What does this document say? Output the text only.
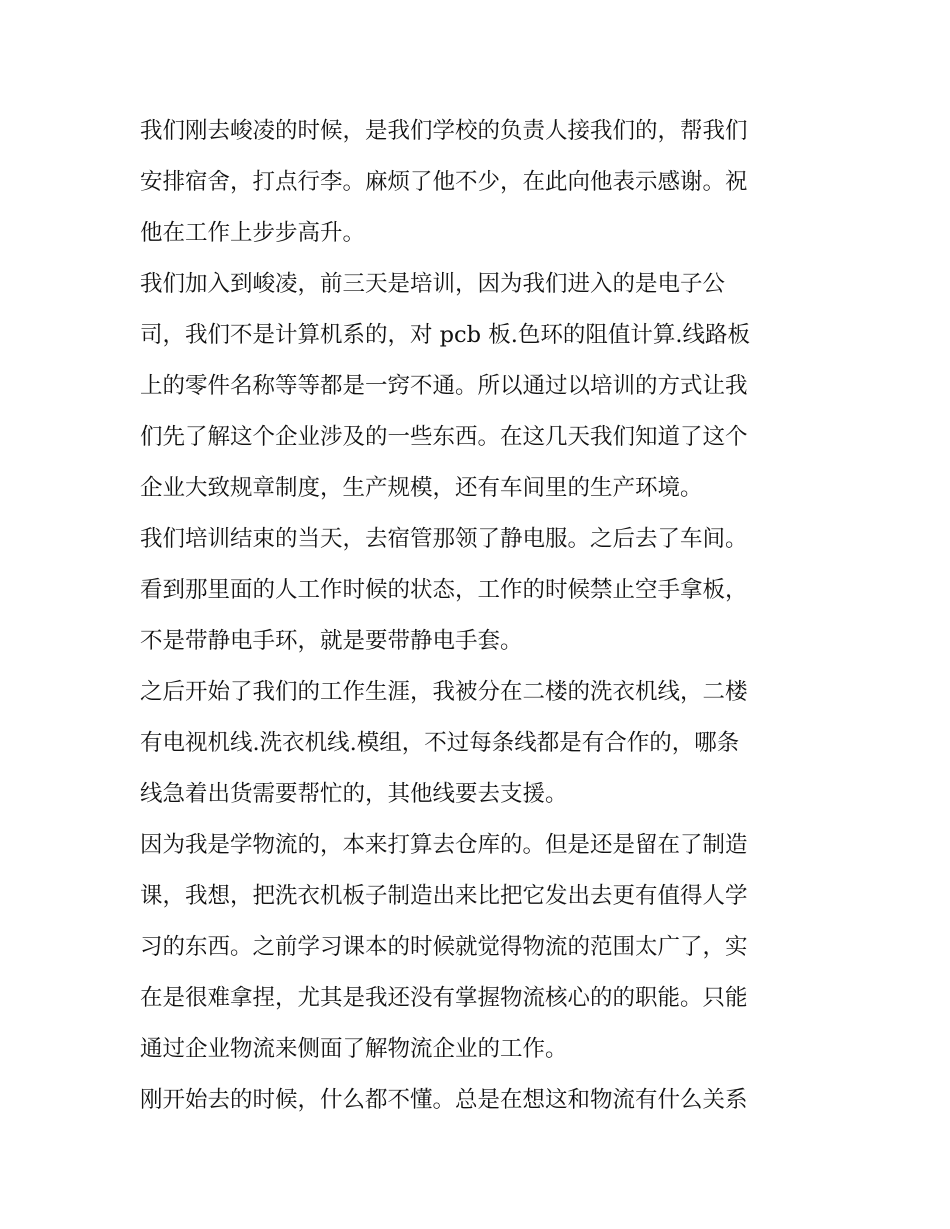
我们刚去峻凌的时候，是我们学校的负责人接我们的，帮我们
安排宿舍，打点行李。麻烦了他不少，在此向他表示感谢。祝
他在工作上步步高升。
我们加入到峻凌，前三天是培训，因为我们进入的是电子公
司，我们不是计算机系的，对 pcb 板.色环的阻值计算.线路板
上的零件名称等等都是一窍不通。所以通过以培训的方式让我
们先了解这个企业涉及的一些东西。在这几天我们知道了这个
企业大致规章制度，生产规模，还有车间里的生产环境。
我们培训结束的当天，去宿管那领了静电服。之后去了车间。
看到那里面的人工作时候的状态，工作的时候禁止空手拿板，
不是带静电手环，就是要带静电手套。
之后开始了我们的工作生涯，我被分在二楼的洗衣机线，二楼
有电视机线.洗衣机线.模组，不过每条线都是有合作的，哪条
线急着出货需要帮忙的，其他线要去支援。
因为我是学物流的，本来打算去仓库的。但是还是留在了制造
课，我想，把洗衣机板子制造出来比把它发出去更有值得人学
习的东西。之前学习课本的时候就觉得物流的范围太广了，实
在是很难拿捏，尤其是我还没有掌握物流核心的的职能。只能
通过企业物流来侧面了解物流企业的工作。
刚开始去的时候，什么都不懂。总是在想这和物流有什么关系
